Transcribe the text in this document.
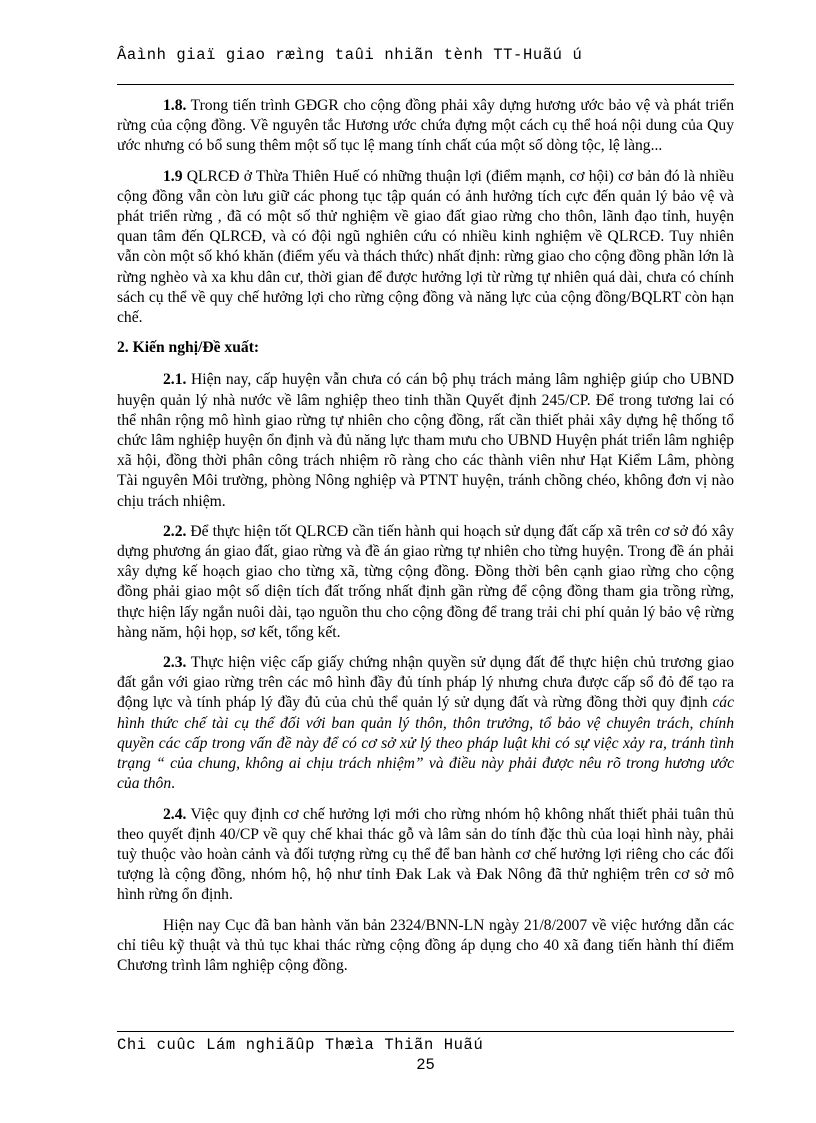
Âaình giaï giao ræìng taûi nhiãn tènh TT-Huãú ú

1.8. Trong tiến trình GĐGR cho cộng đồng phải xây dựng hương ước bảo vệ và phát triển rừng của cộng đồng. Về nguyên tắc Hương ước chứa đựng một cách cụ thể hoá nội dung của Quy ước nhưng có bổ sung thêm một số tục lệ mang tính chất cúa một số dòng tộc, lệ làng...

1.9 QLRCĐ ở Thừa Thiên Huế có những thuận lợi (điểm mạnh, cơ hội) cơ bản đó là nhiều cộng đồng vẫn còn lưu giữ các phong tục tập quán có ảnh hưởng tích cực đến quản lý bảo vệ và phát triển rừng , đã có một số thử nghiệm về giao đất giao rừng cho thôn, lãnh đạo tỉnh, huyện quan tâm đến QLRCĐ, và có đội ngũ nghiên cứu có nhiều kinh nghiệm về QLRCĐ. Tuy nhiên vẫn còn một số khó khăn (điểm yếu và thách thức) nhất định: rừng giao cho cộng đồng phần lớn là rừng nghèo và xa khu dân cư, thời gian để được hưởng lợi từ rừng tự nhiên quá dài, chưa có chính sách cụ thể về quy chế hưởng lợi cho rừng cộng đồng và năng lực của cộng đồng/BQLRT còn hạn chế.

2. Kiến nghị/Đề xuất:

2.1. Hiện nay, cấp huyện vẫn chưa có cán bộ phụ trách mảng lâm nghiệp giúp cho UBND huyện quản lý nhà nước về lâm nghiệp theo tinh thần Quyết định 245/CP. Để trong tương lai có thể nhân rộng mô hình giao rừng tự nhiên cho cộng đồng, rất cần thiết phải xây dựng hệ thống tổ chức lâm nghiệp huyện ổn định và đủ năng lực tham mưu cho UBND Huyện phát triển lâm nghiệp xã hội, đồng thời phân công trách nhiệm rõ ràng cho các thành viên như Hạt Kiểm Lâm, phòng Tài nguyên Môi trường, phòng Nông nghiệp và PTNT huyện, tránh chồng chéo, không đơn vị nào chịu trách nhiệm.

2.2. Để thực hiện tốt QLRCĐ cần tiến hành qui hoạch sử dụng đất cấp xã trên cơ sở đó xây dựng phương án giao đất, giao rừng và đề án giao rừng tự nhiên cho từng huyện. Trong đề án phải xây dựng kế hoạch giao cho từng xã, từng cộng đồng. Đồng thời bên cạnh giao rừng cho cộng đồng phải giao một số diện tích đất trống nhất định gần rừng để cộng đồng tham gia trồng rừng, thực hiện lấy ngắn nuôi dài, tạo nguồn thu cho cộng đồng để trang trải chi phí quản lý bảo vệ rừng hàng năm, hội họp, sơ kết, tổng kết.

2.3. Thực hiện việc cấp giấy chứng nhận quyền sử dụng đất để thực hiện chủ trương giao đất gắn với giao rừng trên các mô hình đầy đủ tính pháp lý nhưng chưa được cấp sổ đỏ để tạo ra động lực và tính pháp lý đầy đủ của chủ thể quản lý sử dụng đất và rừng đồng thời quy định các hình thức chế tài cụ thể đối với ban quản lý thôn, thôn trưởng, tổ bảo vệ chuyên trách, chính quyền các cấp trong vấn đề này để có cơ sở xử lý theo pháp luật khi có sự việc xảy ra, tránh tình trạng “ của chung, không ai chịu trách nhiệm” và điều này phải được nêu rõ trong hương ước của thôn.

2.4. Việc quy định cơ chế hưởng lợi mới cho rừng nhóm hộ không nhất thiết phải tuân thủ theo quyết định 40/CP về quy chế khai thác gỗ và lâm sản do tính đặc thù của loại hình này, phải tuỳ thuộc vào hoàn cảnh và đối tượng rừng cụ thể để ban hành cơ chế hưởng lợi riêng cho các đối tượng là cộng đồng, nhóm hộ, hộ như tỉnh Đak Lak và Đak Nông đã thử nghiệm trên cơ sở mô hình rừng ổn định.

Hiện nay Cục đã ban hành văn bản 2324/BNN-LN ngày 21/8/2007 về việc hướng dẫn các chỉ tiêu kỹ thuật và thủ tục khai thác rừng cộng đồng áp dụng cho 40 xã đang tiến hành thí điểm Chương trình lâm nghiệp cộng đồng.

Chi cuûc Lám nghiãûp Thæìa Thiãn Huãú
25
